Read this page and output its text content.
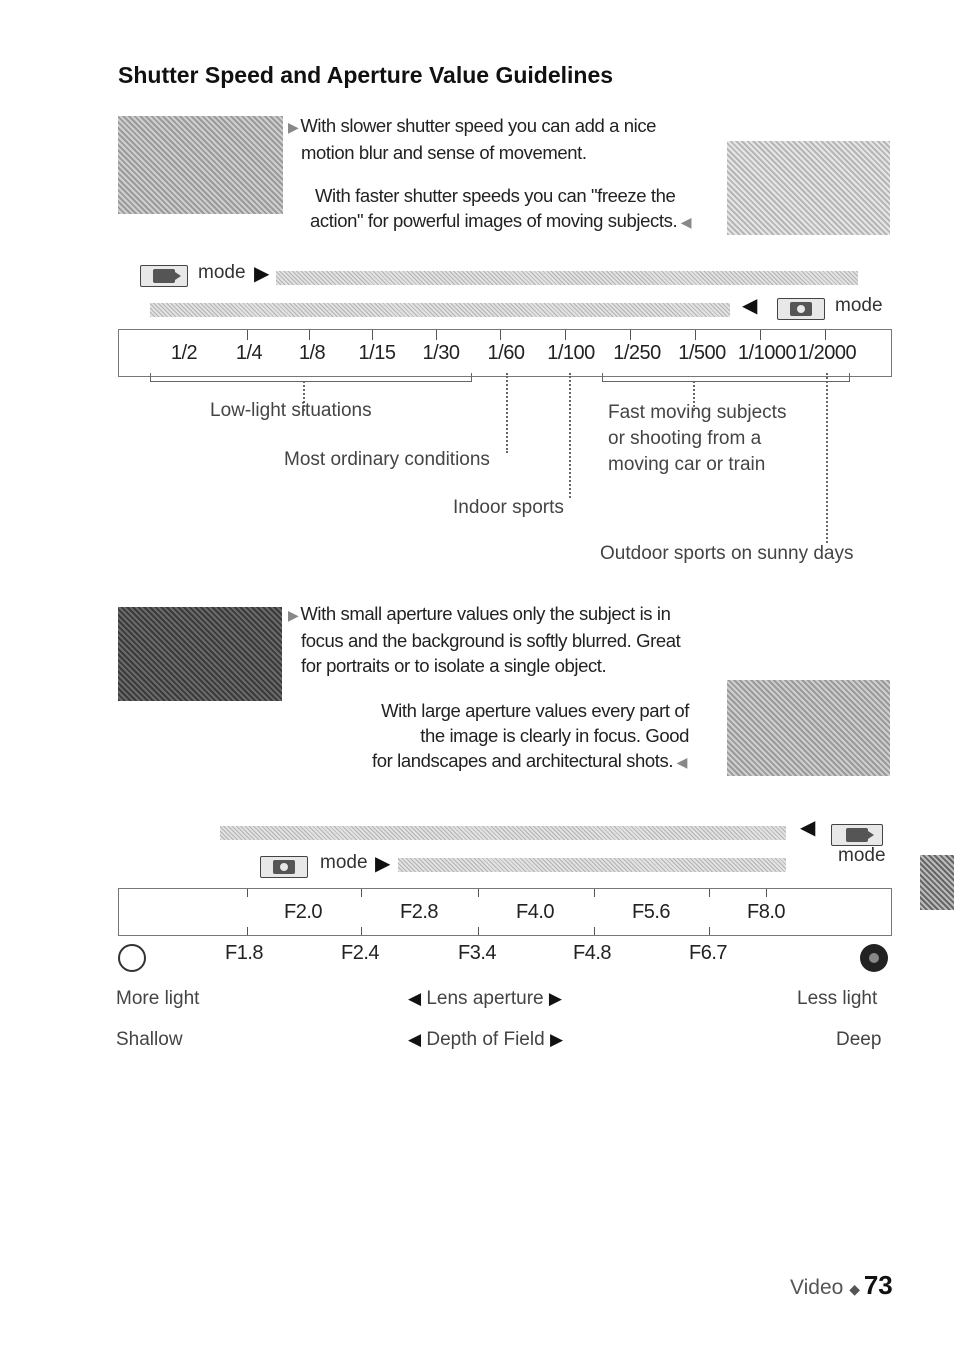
Shutter Speed and Aperture Value Guidelines
▶ With slower shutter speed you can add a nice
motion blur and sense of movement.
With faster shutter speeds you can "freeze the
action" for powerful images of moving subjects. ◀
mode ▶
◀	mode
1/2 1/4 1/8 1/15 1/30 1/60 1/100 1/250 1/500 1/1000 1/2000
Low-light situations
Most ordinary conditions
Indoor sports
Fast moving subjects
or shooting from a
moving car or train
Outdoor sports on sunny days
▶ With small aperture values only the subject is in
focus and the background is softly blurred. Great
for portraits or to isolate a single object.
With large aperture values every part of
the image is clearly in focus. Good
for landscapes and architectural shots. ◀
◀
mode
mode ▶
F2.0	F2.8	F4.0	F5.6	F8.0
F1.8	F2.4	F3.4	F4.8	F6.7
More light	◀ Lens aperture ▶	Less light
Shallow	◀ Depth of Field ▶	Deep
Video ◆ 73
